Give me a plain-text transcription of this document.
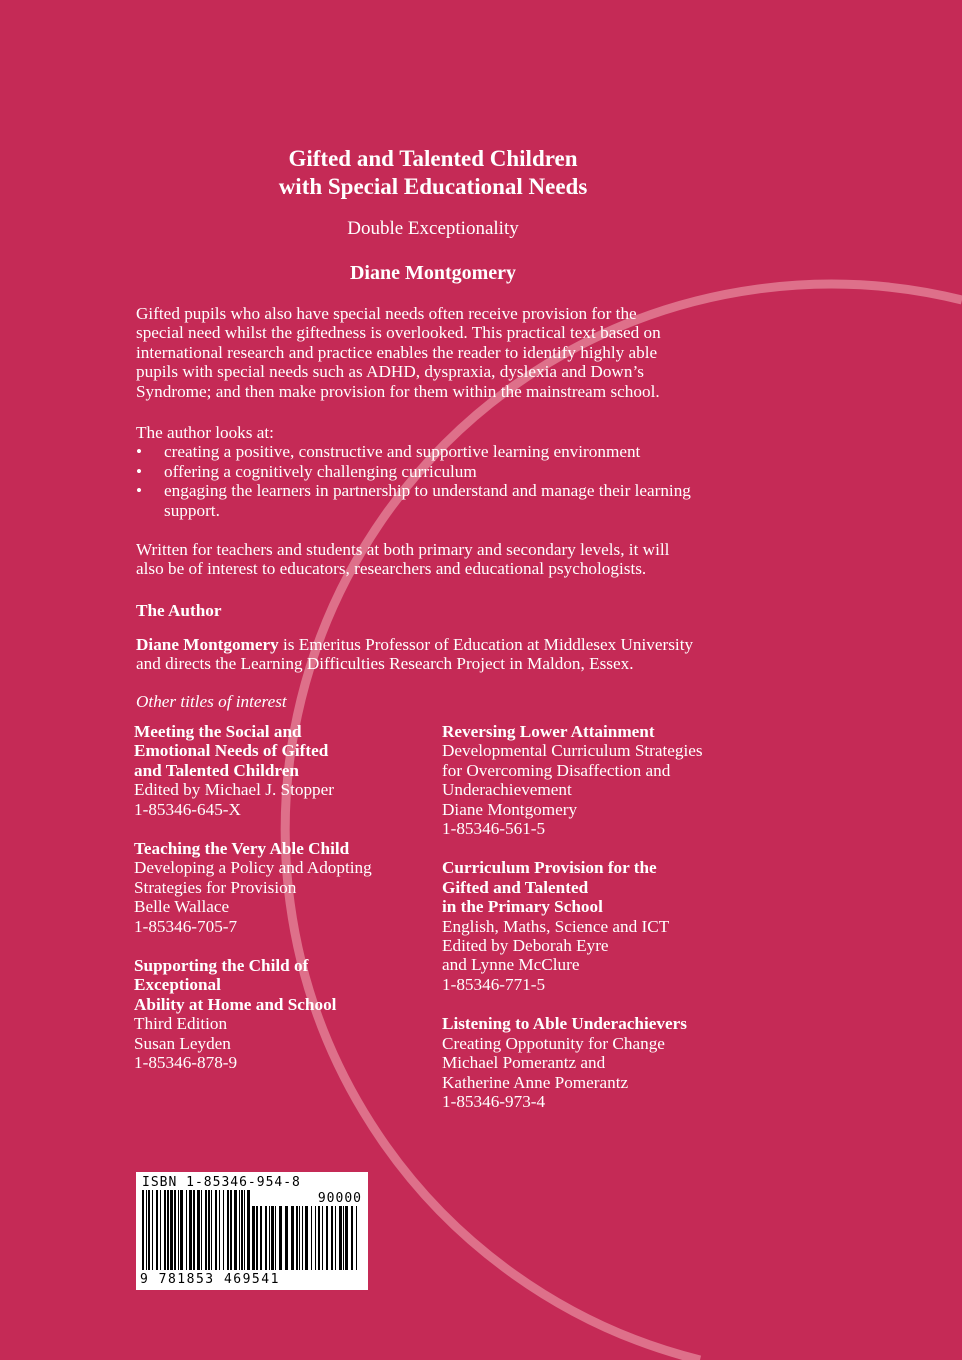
Gifted and Talented Children
with Special Educational Needs
Double Exceptionality
Diane Montgomery
Gifted pupils who also have special needs often receive provision for the
special need whilst the giftedness is overlooked. This practical text based on
international research and practice enables the reader to identify highly able
pupils with special needs such as ADHD, dyspraxia, dyslexia and Down’s
Syndrome; and then make provision for them within the mainstream school.
The author looks at:
• creating a positive, constructive and supportive learning environment
• offering a cognitively challenging curriculum
• engaging the learners in partnership to understand and manage their learning
support.
Written for teachers and students at both primary and secondary levels, it will
also be of interest to educators, researchers and educational psychologists.
The Author
Diane Montgomery is Emeritus Professor of Education at Middlesex University
and directs the Learning Difficulties Research Project in Maldon, Essex.
Other titles of interest
Meeting the Social and
Emotional Needs of Gifted
and Talented Children
Edited by Michael J. Stopper
1-85346-645-X
Teaching the Very Able Child
Developing a Policy and Adopting
Strategies for Provision
Belle Wallace
1-85346-705-7
Supporting the Child of
Exceptional
Ability at Home and School
Third Edition
Susan Leyden
1-85346-878-9
Reversing Lower Attainment
Developmental Curriculum Strategies
for Overcoming Disaffection and
Underachievement
Diane Montgomery
1-85346-561-5
Curriculum Provision for the
Gifted and Talented
in the Primary School
English, Maths, Science and ICT
Edited by Deborah Eyre
and Lynne McClure
1-85346-771-5
Listening to Able Underachievers
Creating Oppotunity for Change
Michael Pomerantz and
Katherine Anne Pomerantz
1-85346-973-4
ISBN 1-85346-954-8
90000
9 781853 469541
